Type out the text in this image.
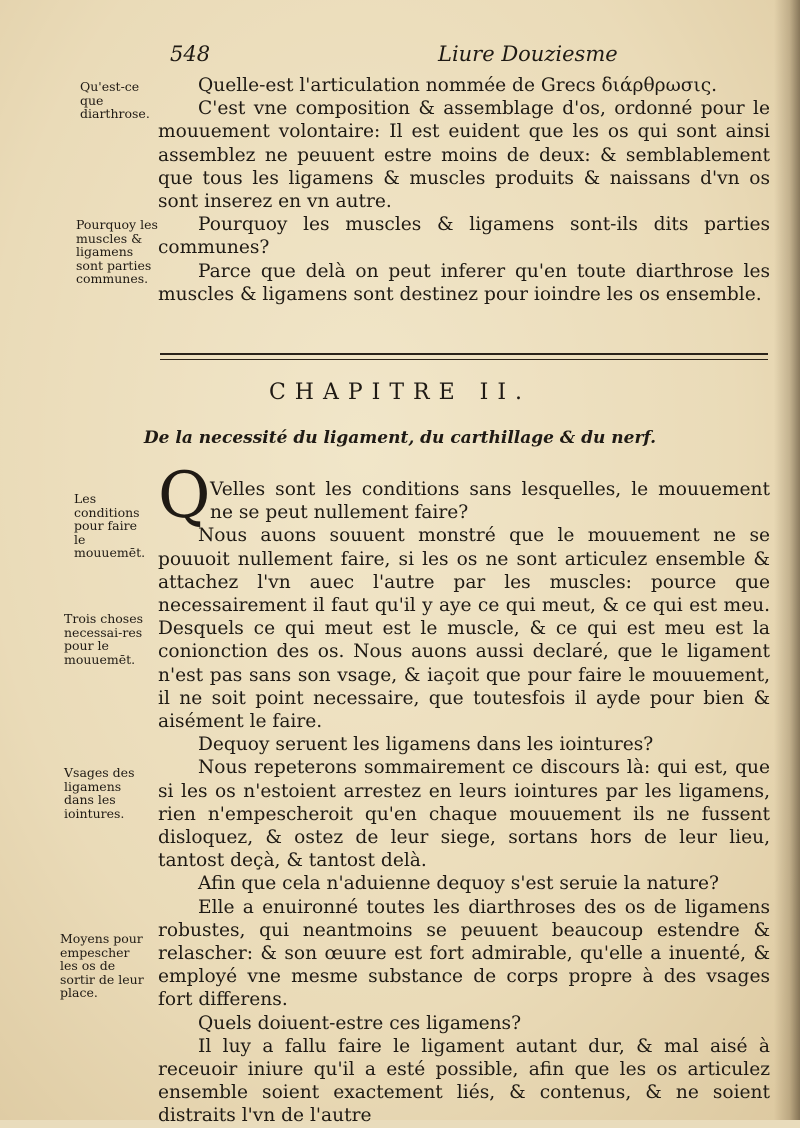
548	Liure Douziesme
Qu'est-ce que diarthrose.
Pourquoy les muscles & ligamens sont parties communes.
Les conditions pour faire le mouuemēt.
Trois choses necessai-res pour le mouuemēt.
Vsages des ligamens dans les iointures.
Moyens pour empescher les os de sortir de leur place.

Quelle-est l'articulation nommée de Grecs διάρθρωσις.

C'est vne composition & assemblage d'os, ordonné pour le mouuement volontaire: Il est euident que les os qui sont ainsi assemblez ne peuuent estre moins de deux: & semblablement que tous les ligamens & muscles produits & naissans d'vn os sont inserez en vn autre.

Pourquoy les muscles & ligamens sont-ils dits parties communes?

Parce que delà on peut inferer qu'en toute diarthrose les muscles & ligamens sont destinez pour ioindre les os ensemble.

CHAPITRE II.
De la necessité du ligament, du carthillage & du nerf.
Q Velles sont les conditions sans lesquelles, le mouuement ne se peut nullement faire?

Nous auons souuent monstré que le mouuement ne se pouuoit nullement faire, si les os ne sont articulez ensemble & attachez l'vn auec l'autre par les muscles: pource que necessairement il faut qu'il y aye ce qui meut, & ce qui est meu. Desquels ce qui meut est le muscle, & ce qui est meu est la conionction des os. Nous auons aussi declaré, que le ligament n'est pas sans son vsage, & iaçoit que pour faire le mouuement, il ne soit point necessaire, que toutesfois il ayde pour bien & aisément le faire.

Dequoy seruent les ligamens dans les iointures?

Nous repeterons sommairement ce discours là: qui est, que si les os n'estoient arrestez en leurs iointures par les ligamens, rien n'empescheroit qu'en chaque mouuement ils ne fussent disloquez, & ostez de leur siege, sortans hors de leur lieu, tantost deçà, & tantost delà.

Afin que cela n'aduienne dequoy s'est seruie la nature?

Elle a enuironné toutes les diarthroses des os de ligamens robustes, qui neantmoins se peuuent beaucoup estendre & relascher: & son œuure est fort admirable, qu'elle a inuenté, & employé vne mesme substance de corps propre à des vsages fort differens.

Quels doiuent-estre ces ligamens?

Il luy a fallu faire le ligament autant dur, & mal aisé à receuoir iniure qu'il a esté possible, afin que les os articulez ensemble soient exactement liés, & contenus, & ne soient distraits l'vn de l'autre
